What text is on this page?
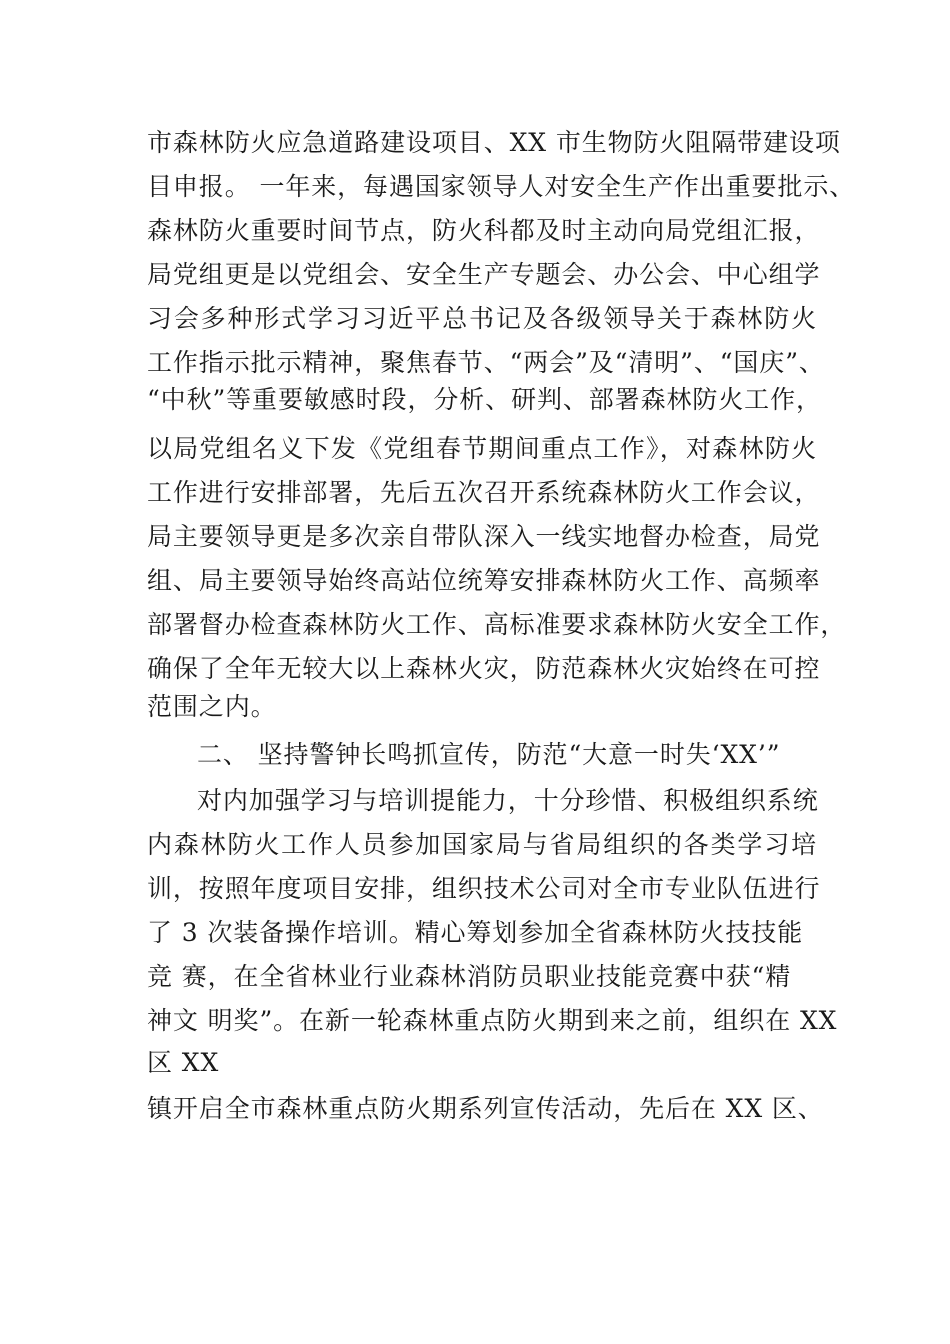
市森林防火应急道路建设项目、XX 市生物防火阻隔带建设项
目申报。 一年来，每遇国家领导人对安全生产作出重要批示、
森林防火重要时间节点，防火科都及时主动向局党组汇报，
局党组更是以党组会、安全生产专题会、办公会、中心组学
习会多种形式学习习近平总书记及各级领导关于森林防火
工作指示批示精神，聚焦春节、“两会”及“清明”、“国庆”、
“中秋”等重要敏感时段，分析、研判、部署森林防火工作，
以局党组名义下发《党组春节期间重点工作》，对森林防火
工作进行安排部署，先后五次召开系统森林防火工作会议，
局主要领导更是多次亲自带队深入一线实地督办检查，局党
组、局主要领导始终高站位统筹安排森林防火工作、高频率
部署督办检查森林防火工作、高标准要求森林防火安全工作，
确保了全年无较大以上森林火灾，防范森林火灾始终在可控
范围之内。
二、 坚持警钟长鸣抓宣传，防范“大意一时失‘XX’”
对内加强学习与培训提能力，十分珍惜、积极组织系统
内森林防火工作人员参加国家局与省局组织的各类学习培
训，按照年度项目安排，组织技术公司对全市专业队伍进行
了 3 次装备操作培训。精心筹划参加全省森林防火技技能
竞 赛，在全省林业行业森林消防员职业技能竞赛中获“精
神文 明奖”。在新一轮森林重点防火期到来之前，组织在 XX
区 XX
镇开启全市森林重点防火期系列宣传活动，先后在 XX 区、
